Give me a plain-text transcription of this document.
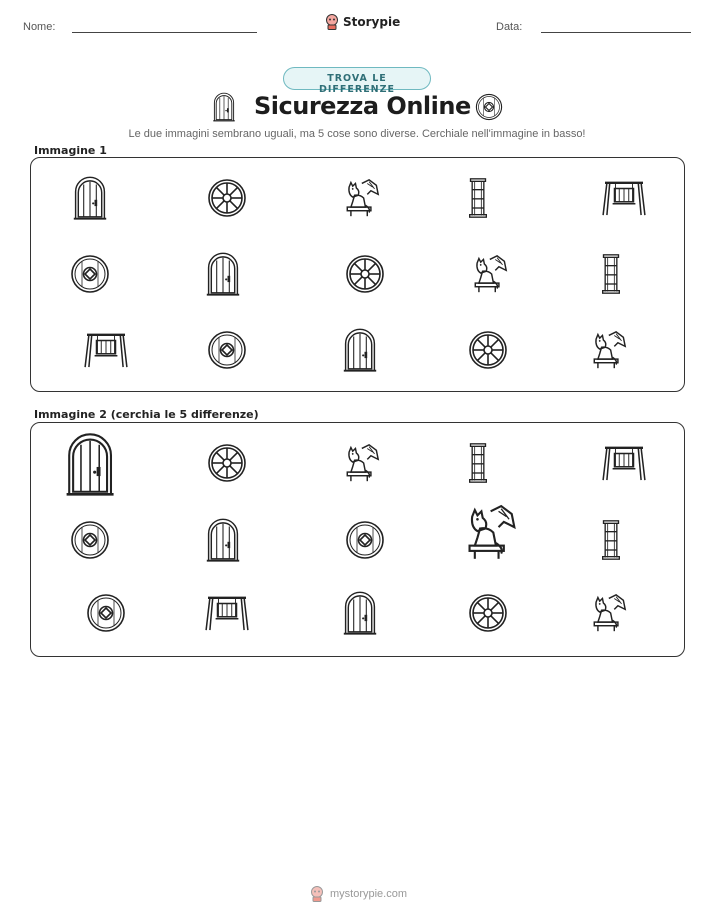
Nome:	Storypie	Data:
TROVA LE DIFFERENZE
Sicurezza Online
Le due immagini sembrano uguali, ma 5 cose sono diverse. Cerchiale nell'immagine in basso!
Immagine 1
Immagine 2 (cerchia le 5 differenze)
mystorypie.com
